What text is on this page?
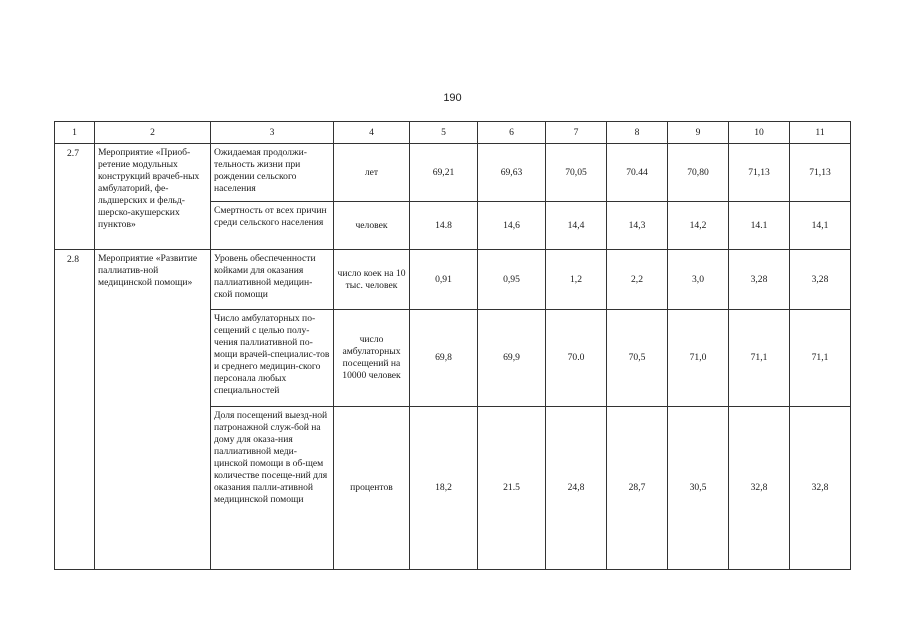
190
1	2	3	4	5	6	7	8	9	10	11
2.7	Мероприятие «Приоб-ретение модульных конструкций врачеб-ных амбулаторий, фе-льдшерских и фельд-шерско-акушерских пунктов»	Ожидаемая продолжи-тельность жизни при рождении сельского населения	лет	69,21	69,63	70,05	70.44	70,80	71,13	71,13
		Смертность от всех причин среди сельского населения	человек	14.8	14,6	14,4	14,3	14,2	14.1	14,1
2.8	Мероприятие «Развитие паллиатив-ной медицинской помощи»	Уровень обеспеченности койками для оказания паллиативной медицин-ской помощи	число коек на 10 тыс. человек	0,91	0,95	1,2	2,2	3,0	3,28	3,28
		Число амбулаторных по-сещений с целью полу-чения паллиативной по-мощи врачей-специалис-тов и среднего медицин-ского персонала любых специальностей	число амбулаторных посещений на 10000 человек	69,8	69,9	70.0	70,5	71,0	71,1	71,1
		Доля посещений выезд-ной патронажной служ-бой на дому для оказа-ния паллиативной меди-цинской помощи в об-щем количестве посеще-ний для оказания палли-ативной медицинской помощи	процентов	18,2	21.5	24,8	28,7	30,5	32,8	32,8
